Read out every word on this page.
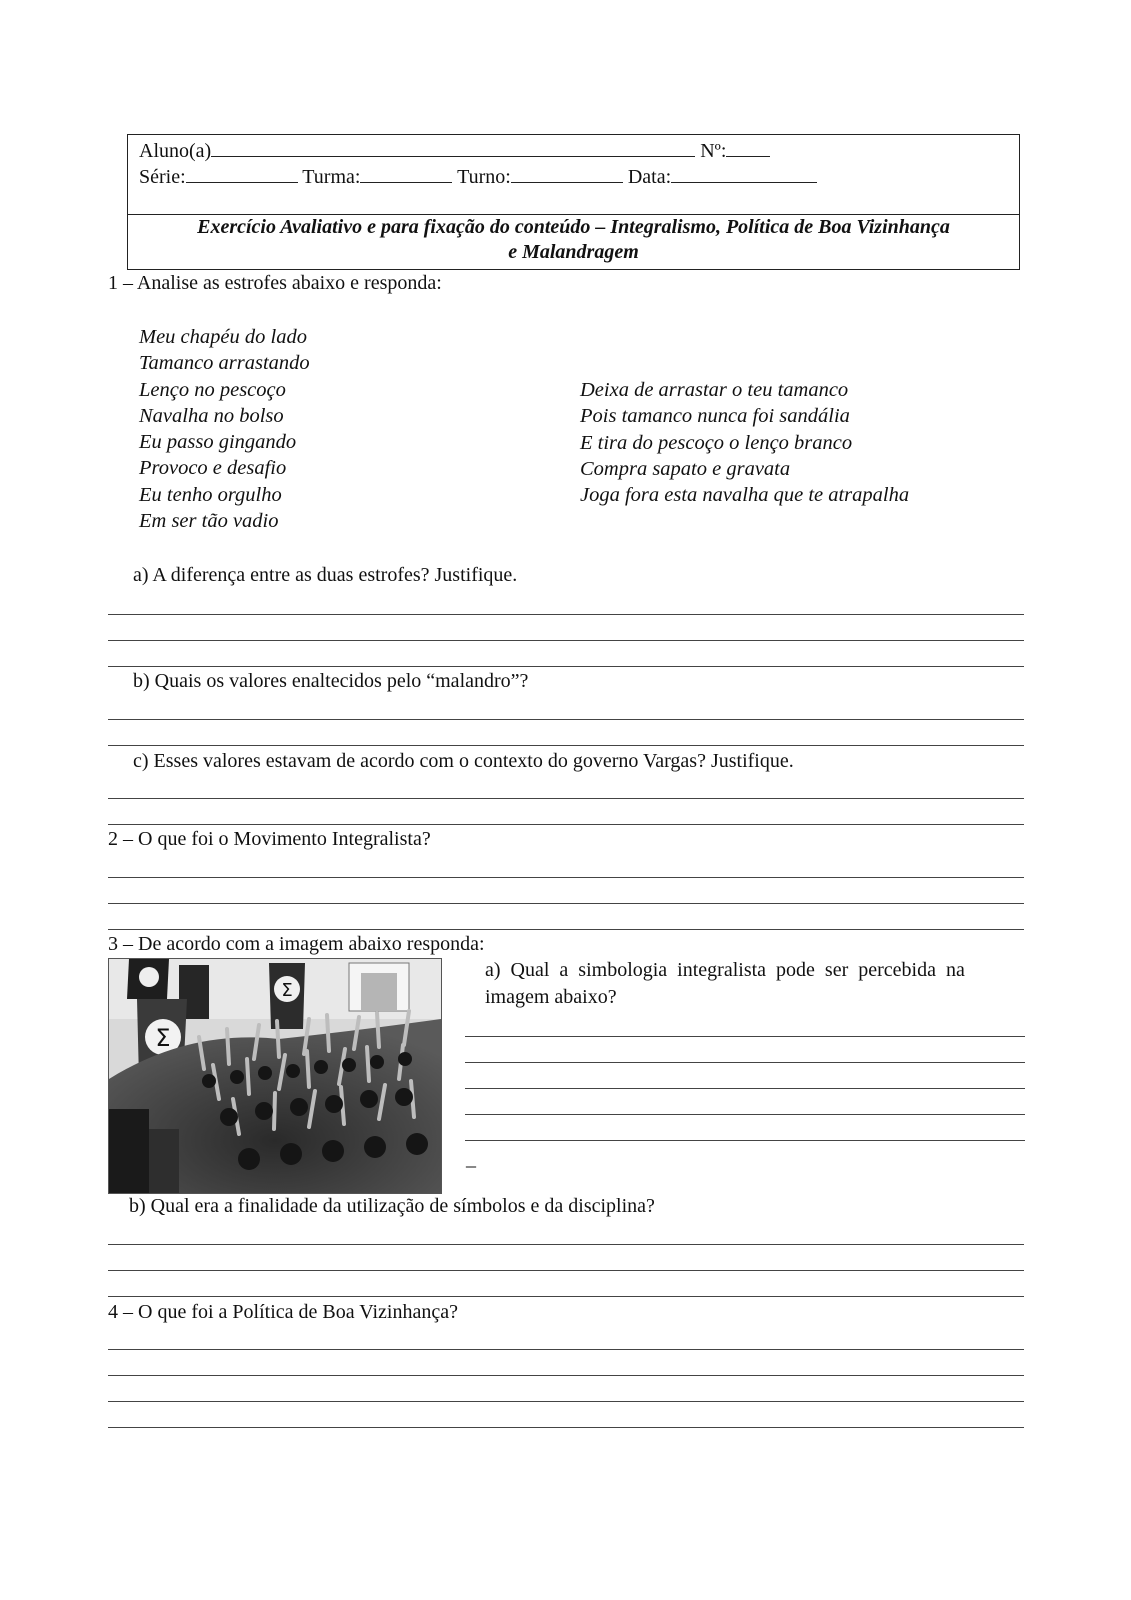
Aluno(a)	Nº:
Série:	Turma:	Turno:	Data:
Exercício Avaliativo e para fixação do conteúdo – Integralismo, Política de Boa Vizinhança
e Malandragem
1 – Analise as estrofes abaixo e responda:
Meu chapéu do lado
Tamanco arrastando
Lenço no pescoço
Navalha no bolso
Eu passo gingando
Provoco e desafio
Eu tenho orgulho
Em ser tão vadio
Deixa de arrastar o teu tamanco
Pois tamanco nunca foi sandália
E tira do pescoço o lenço branco
Compra sapato e gravata
Joga fora esta navalha que te atrapalha
a) A diferença entre as duas estrofes? Justifique.
b) Quais os valores enaltecidos pelo “malandro”?
c) Esses valores estavam de acordo com o contexto do governo Vargas? Justifique.
2 – O que foi o Movimento Integralista?
3 – De acordo com a imagem abaixo responda:
Σ
Σ
a)  Qual  a  simbologia  integralista  pode  ser  percebida  na
imagem abaixo?
_
b) Qual era a finalidade da utilização de símbolos e da disciplina?
4 – O que foi a Política de Boa Vizinhança?
